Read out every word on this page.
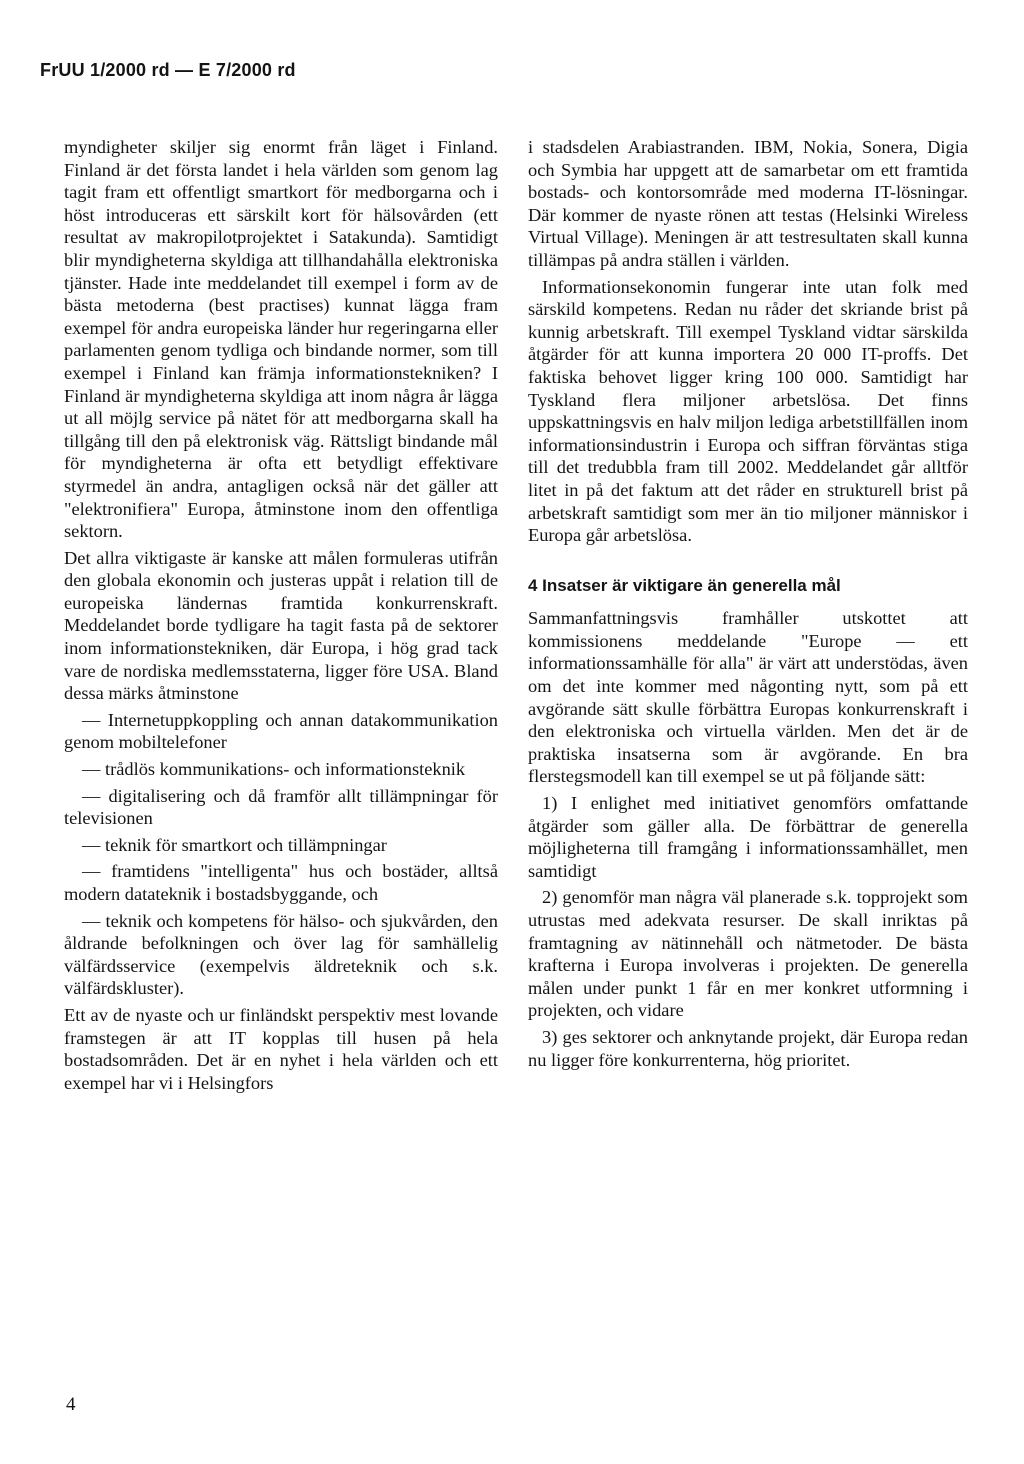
FrUU 1/2000 rd — E 7/2000 rd

myndigheter skiljer sig enormt från läget i Finland. Finland är det första landet i hela världen som genom lag tagit fram ett offentligt smartkort för medborgarna och i höst introduceras ett särskilt kort för hälsovården (ett resultat av makropilotprojektet i Satakunda). Samtidigt blir myndigheterna skyldiga att tillhandahålla elektroniska tjänster. Hade inte meddelandet till exempel i form av de bästa metoderna (best practises) kunnat lägga fram exempel för andra europeiska länder hur regeringarna eller parlamenten genom tydliga och bindande normer, som till exempel i Finland kan främja informationstekniken? I Finland är myndigheterna skyldiga att inom några år lägga ut all möjlg service på nätet för att medborgarna skall ha tillgång till den på elektronisk väg. Rättsligt bindande mål för myndigheterna är ofta ett betydligt effektivare styrmedel än andra, antagligen också när det gäller att "elektronifiera" Europa, åtminstone inom den offentliga sektorn.

Det allra viktigaste är kanske att målen formuleras utifrån den globala ekonomin och justeras uppåt i relation till de europeiska ländernas framtida konkurrenskraft. Meddelandet borde tydligare ha tagit fasta på de sektorer inom informationstekniken, där Europa, i hög grad tack vare de nordiska medlemsstaterna, ligger före USA. Bland dessa märks åtminstone

— Internetuppkoppling och annan datakommunikation genom mobiltelefoner

— trådlös kommunikations- och informationsteknik

— digitalisering och då framför allt tillämpningar för televisionen

— teknik för smartkort och tillämpningar

— framtidens "intelligenta" hus och bostäder, alltså modern datateknik i bostadsbyggande, och

— teknik och kompetens för hälso- och sjukvården, den åldrande befolkningen och över lag för samhällelig välfärdsservice (exempelvis äldreteknik och s.k. välfärdskluster).

Ett av de nyaste och ur finländskt perspektiv mest lovande framstegen är att IT kopplas till husen på hela bostadsområden. Det är en nyhet i hela världen och ett exempel har vi i Helsingfors

i stadsdelen Arabiastranden. IBM, Nokia, Sonera, Digia och Symbia har uppgett att de samarbetar om ett framtida bostads- och kontorsområde med moderna IT-lösningar. Där kommer de nyaste rönen att testas (Helsinki Wireless Virtual Village). Meningen är att testresultaten skall kunna tillämpas på andra ställen i världen.

Informationsekonomin fungerar inte utan folk med särskild kompetens. Redan nu råder det skriande brist på kunnig arbetskraft. Till exempel Tyskland vidtar särskilda åtgärder för att kunna importera 20 000 IT-proffs. Det faktiska behovet ligger kring 100 000. Samtidigt har Tyskland flera miljoner arbetslösa. Det finns uppskattningsvis en halv miljon lediga arbetstillfällen inom informationsindustrin i Europa och siffran förväntas stiga till det tredubbla fram till 2002. Meddelandet går alltför litet in på det faktum att det råder en strukturell brist på arbetskraft samtidigt som mer än tio miljoner människor i Europa går arbetslösa.

4 Insatser är viktigare än generella mål

Sammanfattningsvis framhåller utskottet att kommissionens meddelande "Europe — ett informationssamhälle för alla" är värt att understödas, även om det inte kommer med någonting nytt, som på ett avgörande sätt skulle förbättra Europas konkurrenskraft i den elektroniska och virtuella världen. Men det är de praktiska insatserna som är avgörande. En bra flerstegsmodell kan till exempel se ut på följande sätt:

1) I enlighet med initiativet genomförs omfattande åtgärder som gäller alla. De förbättrar de generella möjligheterna till framgång i informationssamhället, men samtidigt

2) genomför man några väl planerade s.k. topprojekt som utrustas med adekvata resurser. De skall inriktas på framtagning av nätinnehåll och nätmetoder. De bästa krafterna i Europa involveras i projekten. De generella målen under punkt 1 får en mer konkret utformning i projekten, och vidare

3) ges sektorer och anknytande projekt, där Europa redan nu ligger före konkurrenterna, hög prioritet.

4
